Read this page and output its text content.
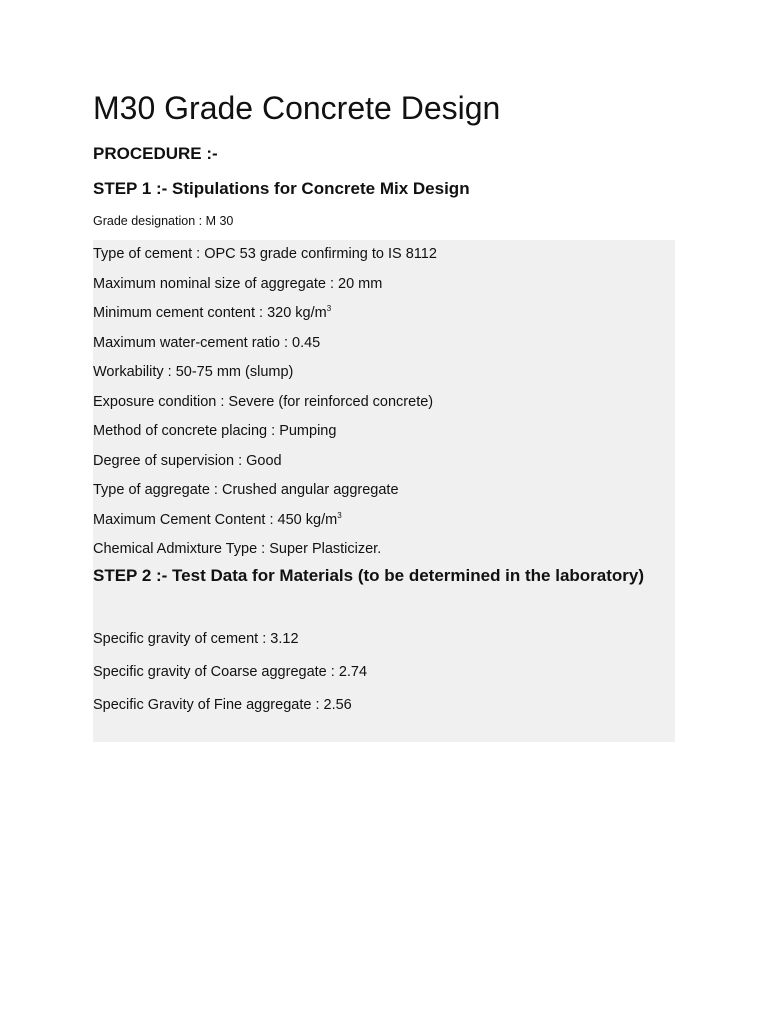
M30 Grade Concrete Design
PROCEDURE :-
STEP 1 :- Stipulations for Concrete Mix Design

Grade designation : M 30

Type of cement : OPC 53 grade confirming to IS 8112
Maximum nominal size of aggregate : 20 mm
Minimum cement content : 320 $kg/m^3$
Maximum water-cement ratio : 0.45
Workability : 50-75 mm (slump)
Exposure condition : Severe (for reinforced concrete)
Method of concrete placing : Pumping
Degree of supervision : Good
Type of aggregate : Crushed angular aggregate
Maximum Cement Content : 450 $kg/m^3$
Chemical Admixture Type : Super Plasticizer.
STEP 2 :- Test Data for Materials (to be determined in the laboratory)
Specific gravity of cement : 3.12
Specific gravity of Coarse aggregate : 2.74
Specific Gravity of Fine aggregate : 2.56
